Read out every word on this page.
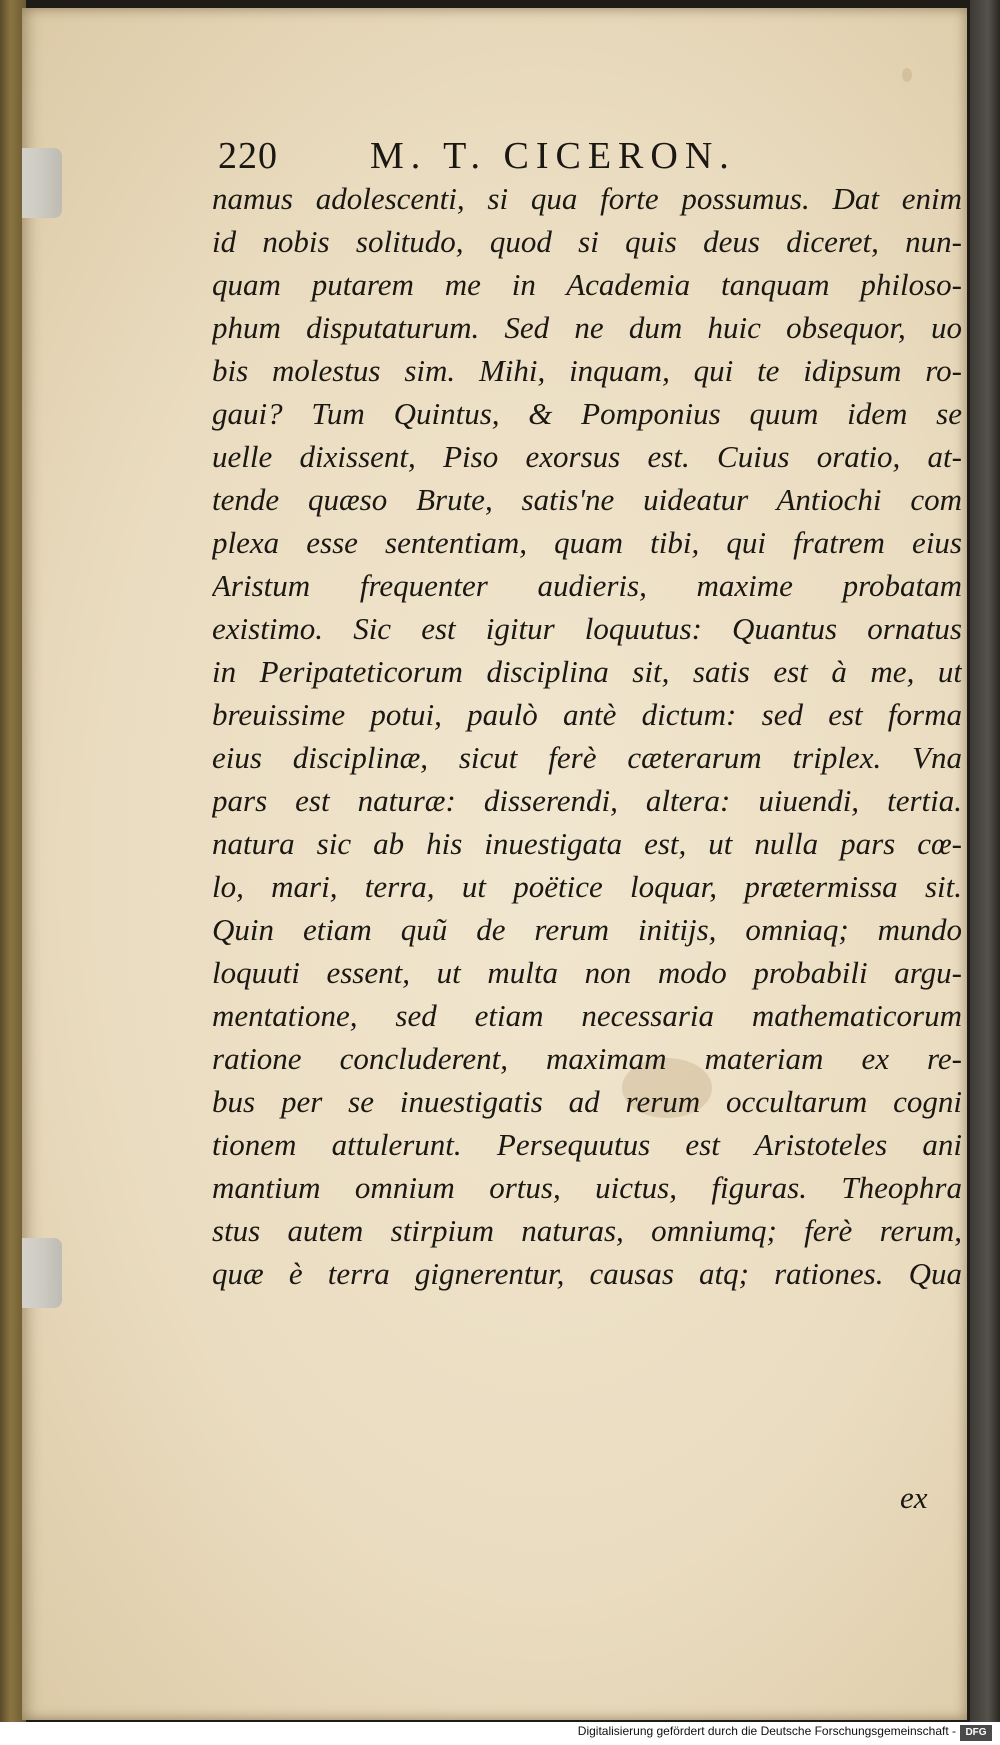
220 M. T. CICERON.
namus adolescenti, si qua forte possumus. Dat enim
id nobis solitudo, quod si quis deus diceret, nun-
quam putarem me in Academia tanquam philoso-
phum disputaturum. Sed ne dum huic obsequor, uo
bis molestus sim. Mihi, inquam, qui te idipsum ro-
gaui? Tum Quintus, & Pomponius quum idem se
uelle dixissent, Piso exorsus est. Cuius oratio, at-
tende quæso Brute, satis'ne uideatur Antiochi com
plexa esse sententiam, quam tibi, qui fratrem eius
Aristum frequenter audieris, maxime probatam
existimo. Sic est igitur loquutus: Quantus ornatus
in Peripateticorum disciplina sit, satis est à me, ut
breuissime potui, paulò antè dictum: sed est forma
eius disciplinæ, sicut ferè cæterarum triplex. Vna
pars est naturæ: disserendi, altera: uiuendi, tertia.
natura sic ab his inuestigata est, ut nulla pars cœ-
lo, mari, terra, ut poëtice loquar, prætermissa sit.
Quin etiam quũ de rerum initijs, omniaq; mundo
loquuti essent, ut multa non modo probabili argu-
mentatione, sed etiam necessaria mathematicorum
ratione concluderent, maximam materiam ex re-
bus per se inuestigatis ad rerum occultarum cogni
tionem attulerunt. Persequutus est Aristoteles ani
mantium omnium ortus, uictus, figuras. Theophra
stus autem stirpium naturas, omniumq; ferè rerum,
quæ è terra gignerentur, causas atq; rationes. Qua
ex
Digitalisierung gefördert durch die Deutsche Forschungsgemeinschaft - DFG
